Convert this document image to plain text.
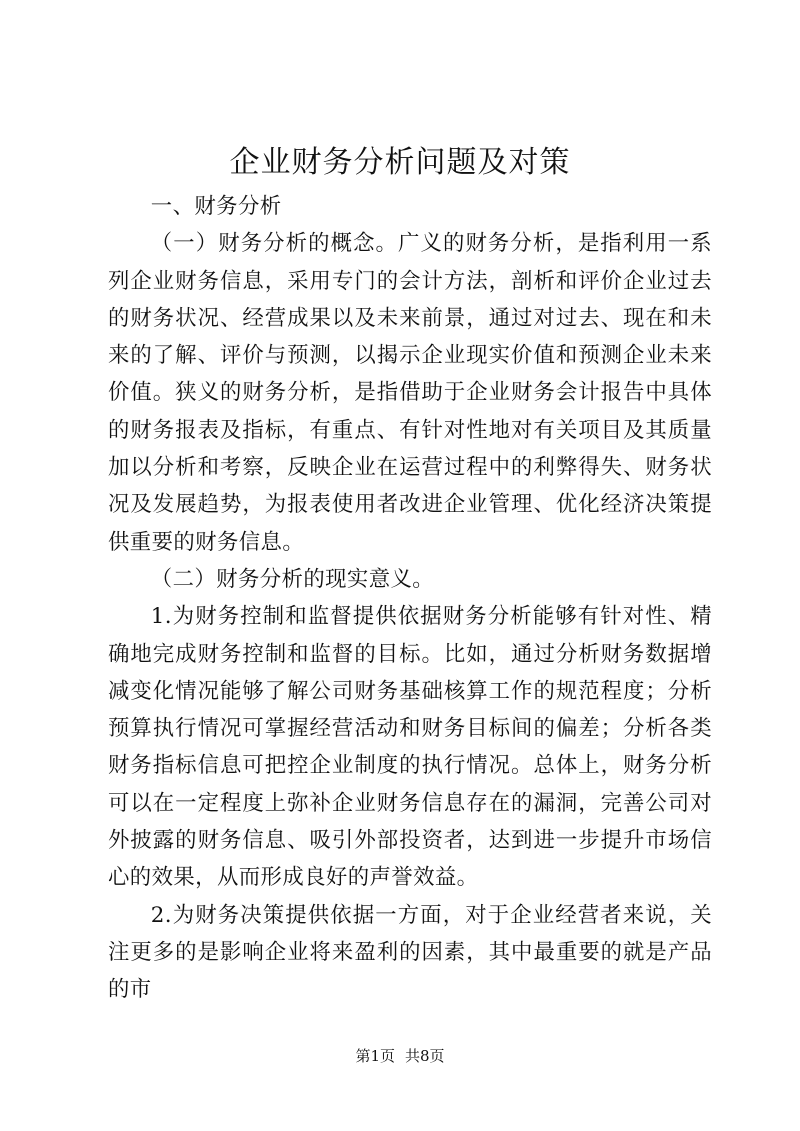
企业财务分析问题及对策

一、财务分析

（一）财务分析的概念。广义的财务分析，是指利用一系列企业财务信息，采用专门的会计方法，剖析和评价企业过去的财务状况、经营成果以及未来前景，通过对过去、现在和未来的了解、评价与预测，以揭示企业现实价值和预测企业未来价值。狭义的财务分析，是指借助于企业财务会计报告中具体的财务报表及指标，有重点、有针对性地对有关项目及其质量加以分析和考察，反映企业在运营过程中的利弊得失、财务状况及发展趋势，为报表使用者改进企业管理、优化经济决策提供重要的财务信息。

（二）财务分析的现实意义。

1.为财务控制和监督提供依据财务分析能够有针对性、精确地完成财务控制和监督的目标。比如，通过分析财务数据增减变化情况能够了解公司财务基础核算工作的规范程度；分析预算执行情况可掌握经营活动和财务目标间的偏差；分析各类财务指标信息可把控企业制度的执行情况。总体上，财务分析可以在一定程度上弥补企业财务信息存在的漏洞，完善公司对外披露的财务信息、吸引外部投资者，达到进一步提升市场信心的效果，从而形成良好的声誉效益。

2.为财务决策提供依据一方面，对于企业经营者来说，关注更多的是影响企业将来盈利的因素，其中最重要的就是产品的市

第1页 共8页
